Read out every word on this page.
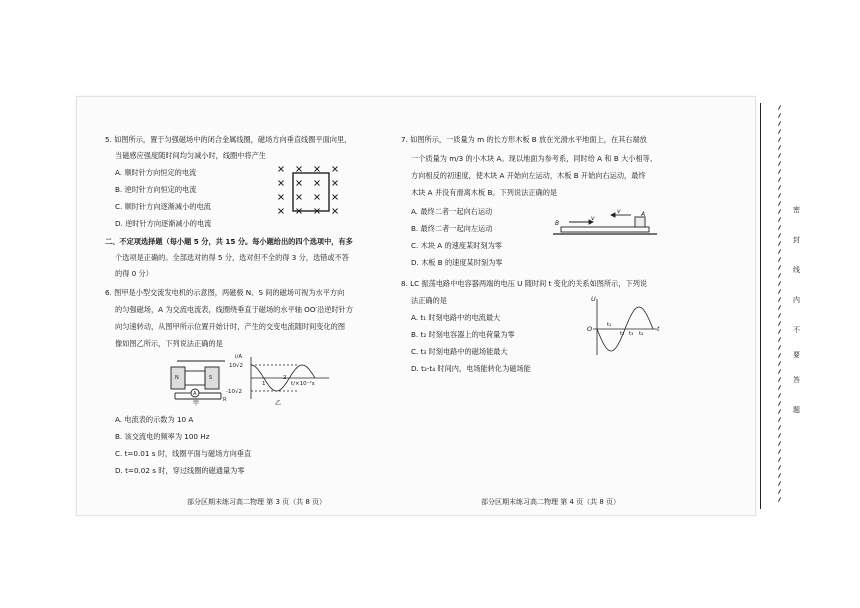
5. 如图所示，置于匀强磁场中的闭合金属线圈，磁场方向垂直线圈平面向里，
当磁感应强度随时间均匀减小时，线圈中将产生
A. 顺时针方向恒定的电流
B. 逆时针方向恒定的电流
C. 顺时针方向逐渐减小的电流
D. 逆时针方向逐渐减小的电流
二、不定项选择题（每小题 5 分，共 15 分。每小题给出的四个选项中，有多
个选项是正确的。全部选对的得 5 分，选对但不全的得 3 分，选错或不答
的得 0 分）
6. 图甲是小型交流发电机的示意图，两磁极 N、S 间的磁场可视为水平方向
的匀强磁场，A 为交流电流表，线圈绕垂直于磁场的水平轴 OO′沿逆时针方
向匀速转动，从图甲所示位置开始计时，产生的交变电流随时间变化的图
像如图乙所示，下列说法正确的是
A
R
N	S
甲
i/A
10√2
-10√2
1
2
t/×10⁻²s
乙
A. 电流表的示数为 10 A
B. 该交流电的频率为 100 Hz
C. t=0.01 s 时，线圈平面与磁场方向垂直
D. t=0.02 s 时，穿过线圈的磁通量为零
部分区期末练习高二物理 第 3 页（共 8 页）
7. 如图所示，一质量为 m 的长方形木板 B 放在光滑水平地面上，在其右端放
一个质量为 m/3 的小木块 A。现以地面为参考系，同时给 A 和 B 大小相等、
方向相反的初速度，使木块 A 开始向左运动，木板 B 开始向右运动，最终
木块 A 并没有滑离木板 B。下列说法正确的是
A. 最终二者一起向右运动
B. 最终二者一起向左运动
C. 木块 A 的速度某时刻为零
D. 木板 B 的速度某时刻为零
B
v
A
v
8. LC 振荡电路中电容器两端的电压 U 随时间 t 变化的关系如图所示，下列说
法正确的是
A. t₁ 时刻电路中的电流最大
B. t₂ 时刻电容器上的电荷量为零
C. t₃ 时刻电路中的磁场能最大
D. t₃-t₄ 时间内，电场能转化为磁场能
U
O	t
t₁
t₂ t₃ t₄
部分区期末练习高二物理 第 4 页（共 8 页）
密
封
线
内
不
要
答
题
